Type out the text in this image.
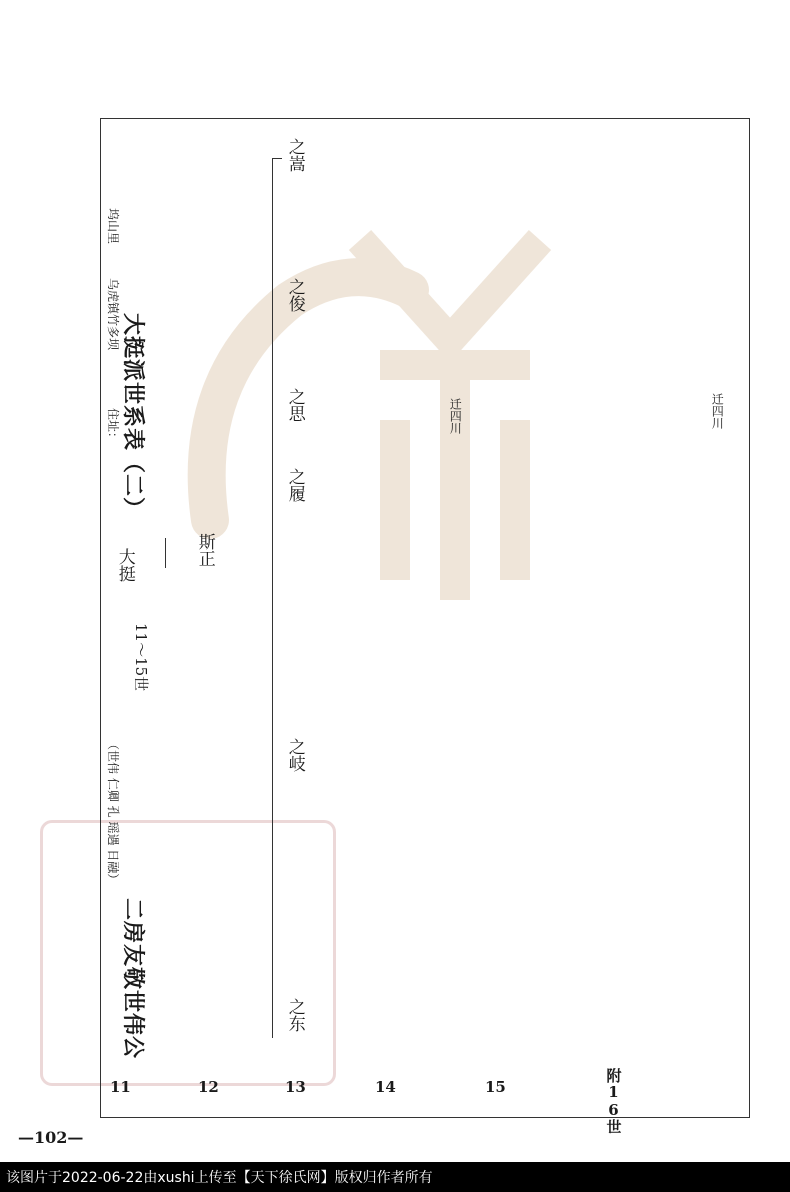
二房友敬世伟公
11～15世
大挺派世系表（二）
（世伟 仁卿 孔 瑶遇 日融）
住址：
乌虎镇竹多坝
坞山里
11	12	13	14	15	附16世
大挺	斯正
之东
之岐
之履
之思
之俊
之嵩
迁四川	迁四川
—102—
该图片于2022-06-22由xushi上传至【天下徐氏网】版权归作者所有
